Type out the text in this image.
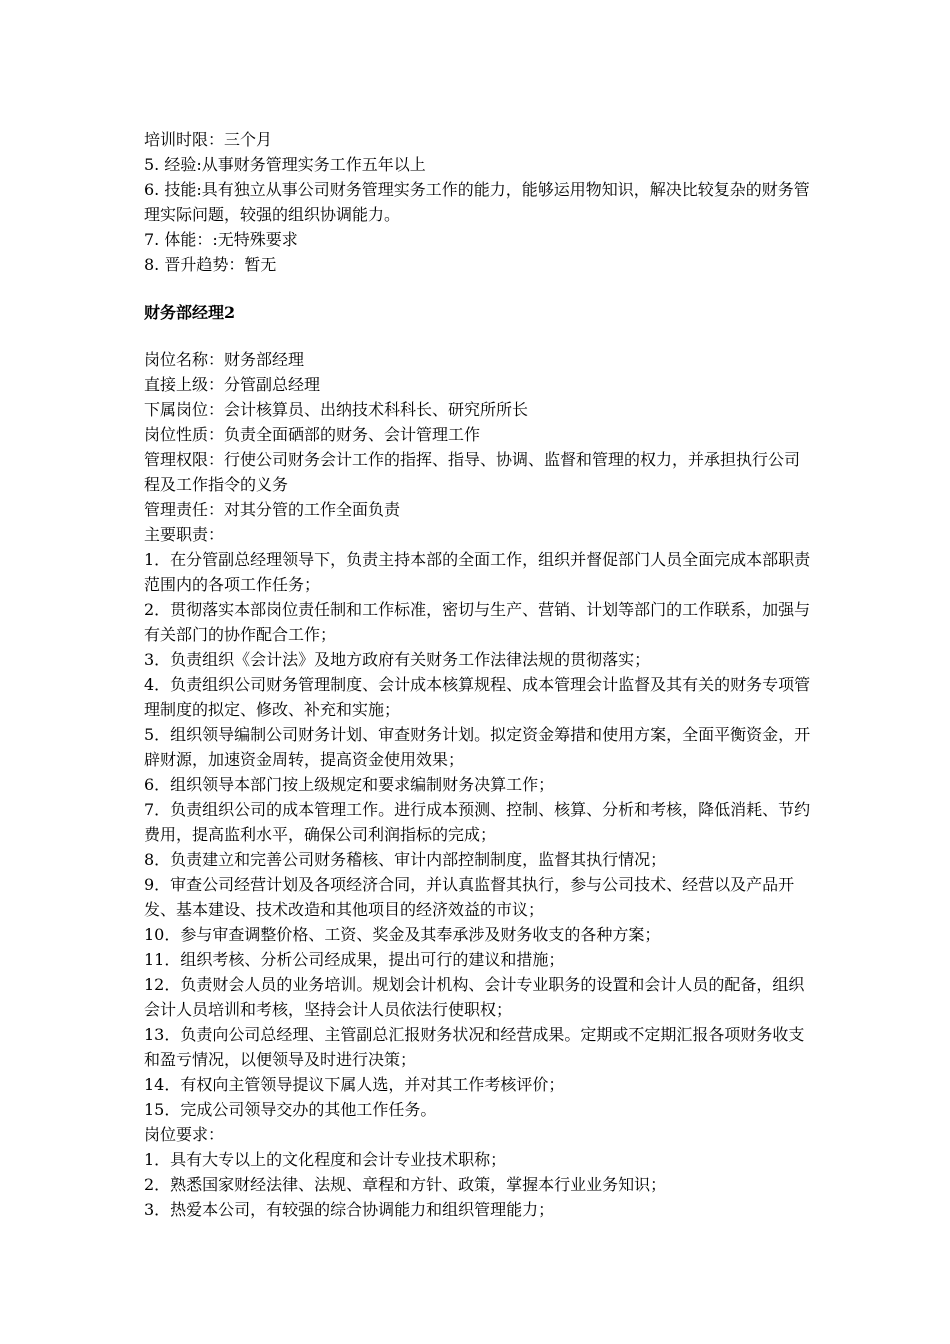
培训时限：三个月
5. 经验:从事财务管理实务工作五年以上
6. 技能:具有独立从事公司财务管理实务工作的能力，能够运用物知识，解决比较复杂的财务管理实际问题，较强的组织协调能力。
7. 体能：:无特殊要求
8. 晋升趋势：暂无
财务部经理2
岗位名称：财务部经理
直接上级：分管副总经理
下属岗位：会计核算员、出纳技术科科长、研究所所长
岗位性质：负责全面硒部的财务、会计管理工作
管理权限：行使公司财务会计工作的指挥、指导、协调、监督和管理的权力，并承担执行公司程及工作指令的义务
管理责任：对其分管的工作全面负责
主要职责：
1．在分管副总经理领导下，负责主持本部的全面工作，组织并督促部门人员全面完成本部职责范围内的各项工作任务；
2．贯彻落实本部岗位责任制和工作标准，密切与生产、营销、计划等部门的工作联系，加强与有关部门的协作配合工作；
3．负责组织《会计法》及地方政府有关财务工作法律法规的贯彻落实；
4．负责组织公司财务管理制度、会计成本核算规程、成本管理会计监督及其有关的财务专项管理制度的拟定、修改、补充和实施；
5．组织领导编制公司财务计划、审查财务计划。拟定资金筹措和使用方案，全面平衡资金，开辟财源，加速资金周转，提高资金使用效果；
6．组织领导本部门按上级规定和要求编制财务决算工作；
7．负责组织公司的成本管理工作。进行成本预测、控制、核算、分析和考核，降低消耗、节约费用，提高监利水平，确保公司利润指标的完成；
8．负责建立和完善公司财务稽核、审计内部控制制度，监督其执行情况；
9．审查公司经营计划及各项经济合同，并认真监督其执行，参与公司技术、经营以及产品开发、基本建设、技术改造和其他项目的经济效益的市议；
10．参与审查调整价格、工资、奖金及其奉承涉及财务收支的各种方案；
11．组织考核、分析公司经成果，提出可行的建议和措施；
12．负责财会人员的业务培训。规划会计机构、会计专业职务的设置和会计人员的配备，组织会计人员培训和考核，坚持会计人员依法行使职权；
13．负责向公司总经理、主管副总汇报财务状况和经营成果。定期或不定期汇报各项财务收支和盈亏情况，以便领导及时进行决策；
14．有权向主管领导提议下属人选，并对其工作考核评价；
15．完成公司领导交办的其他工作任务。
岗位要求：
1．具有大专以上的文化程度和会计专业技术职称；
2．熟悉国家财经法律、法规、章程和方针、政策，掌握本行业业务知识；
3．热爱本公司，有较强的综合协调能力和组织管理能力；
